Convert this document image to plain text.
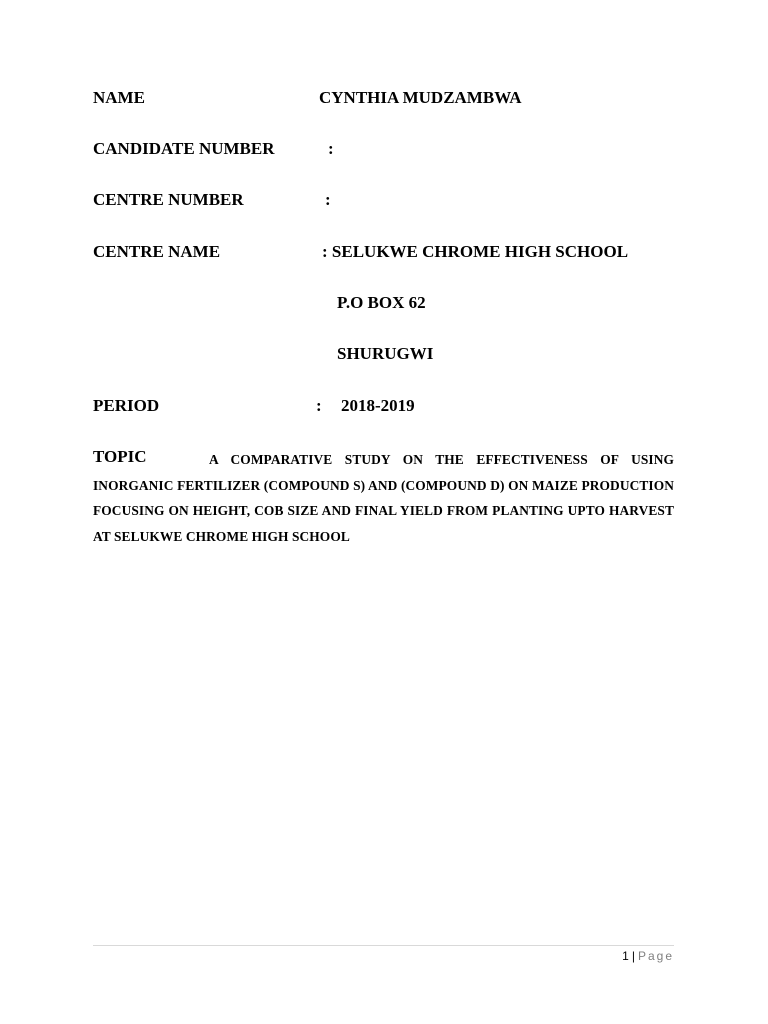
NAME	CYNTHIA MUDZAMBWA
CANDIDATE NUMBER	:
CENTRE NUMBER	:
CENTRE NAME	: SELUKWE CHROME HIGH SCHOOL
P.O BOX 62
SHURUGWI
PERIOD	: 2018-2019
TOPIC	A COMPARATIVE STUDY ON THE EFFECTIVENESS OF USING INORGANIC FERTILIZER (COMPOUND S) AND (COMPOUND D) ON MAIZE PRODUCTION FOCUSING ON HEIGHT, COB SIZE AND FINAL YIELD FROM PLANTING UPTO HARVEST AT SELUKWE CHROME HIGH SCHOOL
1 | Page
